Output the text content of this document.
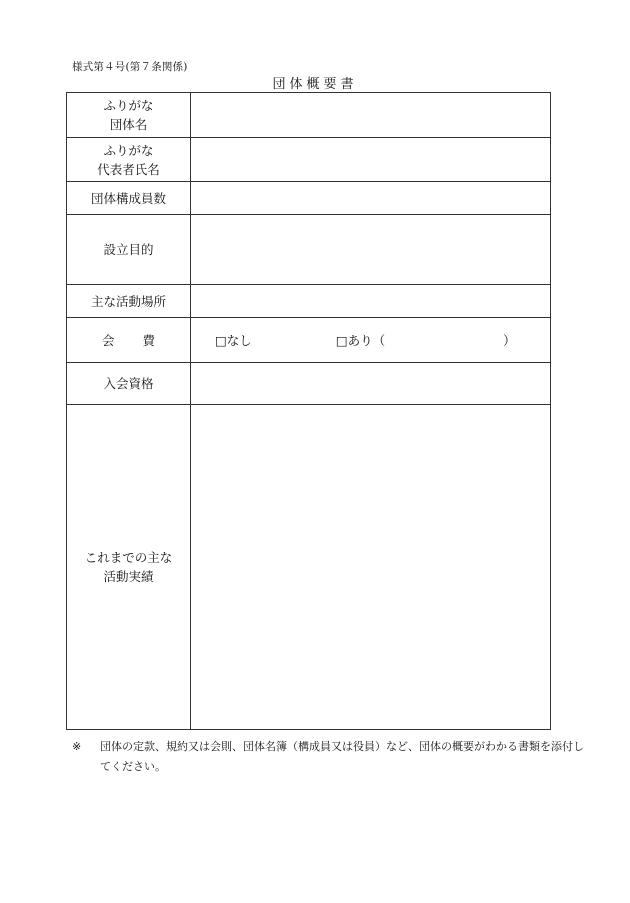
様式第４号(第７条関係)
団体概要書
ふりがな
団体名	

ふりがな
代表者氏名	

団体構成員数	
設立目的	
主な活動場所	
会費	□なし □あり（ ）

入会資格	

これまでの主な
活動実績	

※	団体の定款、規約又は会則、団体名簿（構成員又は役員）など、団体の概要がわかる書類を添付してください。
